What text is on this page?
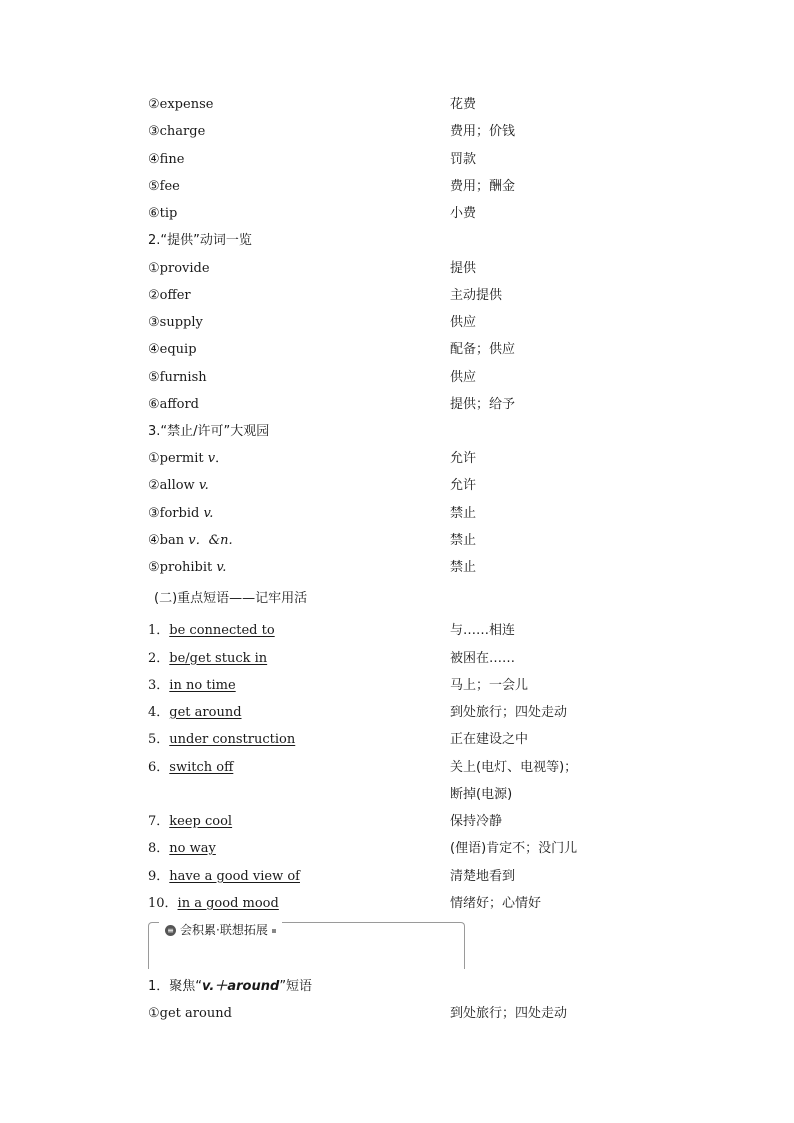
②expense	花费
③charge	费用；价钱
④fine	罚款
⑤fee	费用；酬金
⑥tip	小费
2.“提供”动词一览
①provide	提供
②offer	主动提供
③supply	供应
④equip	配备；供应
⑤furnish	供应
⑥afford	提供；给予
3.“禁止/许可”大观园
①permit v．	允许
②allow v.	允许
③forbid v.	禁止
④ban v．&n.	禁止
⑤prohibit v.	禁止
(二)重点短语——记牢用活
1．be connected to	与……相连
2．be/get stuck in	被困在……
3．in no time	马上；一会儿
4．get around	到处旅行；四处走动
5．under construction	正在建设之中
6．switch off	关上(电灯、电视等)；
断掉(电源)
7．keep cool	保持冷静
8．no way	(俚语)肯定不；没门儿
9．have a good view of	清楚地看到
10．in a good mood	情绪好；心情好
≡ 会积累·联想拓展
1．聚焦“v.＋around”短语
①get around	到处旅行；四处走动
